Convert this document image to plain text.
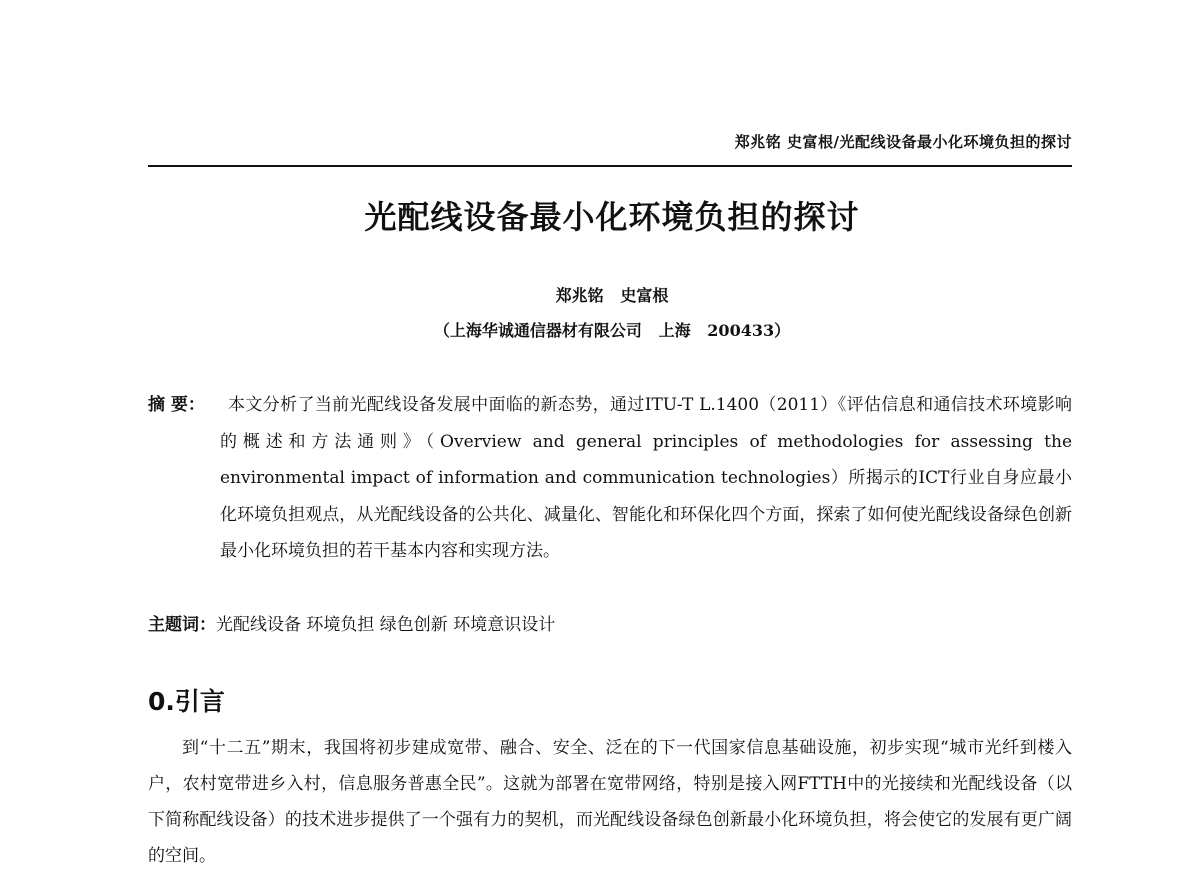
郑兆铭 史富根/光配线设备最小化环境负担的探讨
光配线设备最小化环境负担的探讨
郑兆铭   史富根
（上海华诚通信器材有限公司   上海   200433）
摘 要：	本文分析了当前光配线设备发展中面临的新态势，通过ITU-T L.1400（2011）《评估信息和通信技术环境影响的概述和方法通则》（Overview and general principles of methodologies for assessing the environmental impact of information and communication technologies）所揭示的ICT行业自身应最小化环境负担观点，从光配线设备的公共化、减量化、智能化和环保化四个方面，探索了如何使光配线设备绿色创新最小化环境负担的若干基本内容和实现方法。
主题词：光配线设备 环境负担 绿色创新 环境意识设计
0.引言
到“十二五”期末，我国将初步建成宽带、融合、安全、泛在的下一代国家信息基础设施，初步实现“城市光纤到楼入户，农村宽带进乡入村，信息服务普惠全民”。这就为部署在宽带网络，特别是接入网FTTH中的光接续和光配线设备（以下简称配线设备）的技术进步提供了一个强有力的契机，而光配线设备绿色创新最小化环境负担，将会使它的发展有更广阔的空间。
